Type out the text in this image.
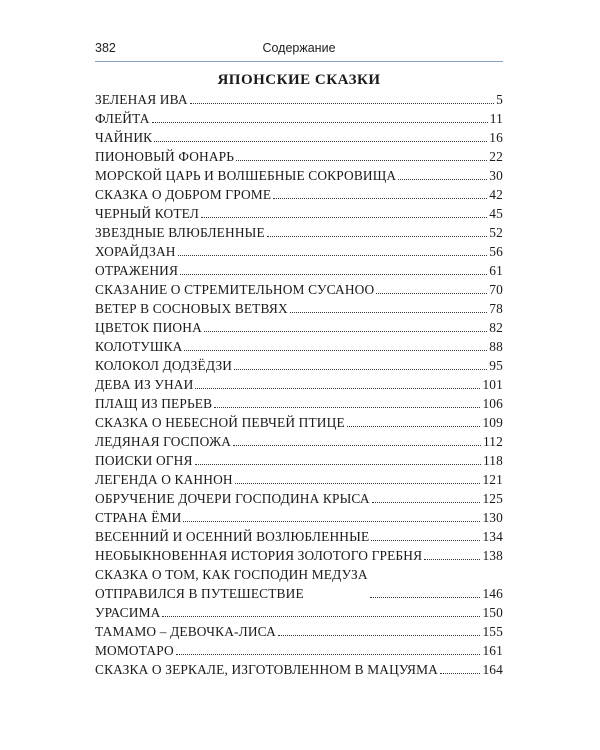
382	Содержание
ЯПОНСКИЕ СКАЗКИ
ЗЕЛЕНАЯ ИВА	5
ФЛЕЙТА	11
ЧАЙНИК	16
ПИОНОВЫЙ ФОНАРЬ	22
МОРСКОЙ ЦАРЬ И ВОЛШЕБНЫЕ СОКРОВИЩА	30
СКАЗКА О ДОБРОМ ГРОМЕ	42
ЧЕРНЫЙ КОТЕЛ	45
ЗВЕЗДНЫЕ ВЛЮБЛЕННЫЕ	52
ХОРАЙДЗАН	56
ОТРАЖЕНИЯ	61
СКАЗАНИЕ О СТРЕМИТЕЛЬНОМ СУСАНОО	70
ВЕТЕР В СОСНОВЫХ ВЕТВЯХ	78
ЦВЕТОК ПИОНА	82
КОЛОТУШКА	88
КОЛОКОЛ ДОДЗЁДЗИ	95
ДЕВА ИЗ УНАИ	101
ПЛАЩ ИЗ ПЕРЬЕВ	106
СКАЗКА О НЕБЕСНОЙ ПЕВЧЕЙ ПТИЦЕ	109
ЛЕДЯНАЯ ГОСПОЖА	112
ПОИСКИ ОГНЯ	118
ЛЕГЕНДА О КАННОН	121
ОБРУЧЕНИЕ ДОЧЕРИ ГОСПОДИНА КРЫСА	125
СТРАНА ЁМИ	130
ВЕСЕННИЙ И ОСЕННИЙ ВОЗЛЮБЛЕННЫЕ	134
НЕОБЫКНОВЕННАЯ ИСТОРИЯ ЗОЛОТОГО ГРЕБНЯ	138
СКАЗКА О ТОМ, КАК ГОСПОДИН МЕДУЗА
ОТПРАВИЛСЯ В ПУТЕШЕСТВИЕ	146
УРАСИМА	150
ТАМАМО – ДЕВОЧКА-ЛИСА	155
МОМОТАРО	161
СКАЗКА О ЗЕРКАЛЕ, ИЗГОТОВЛЕННОМ В МАЦУЯМА	164
